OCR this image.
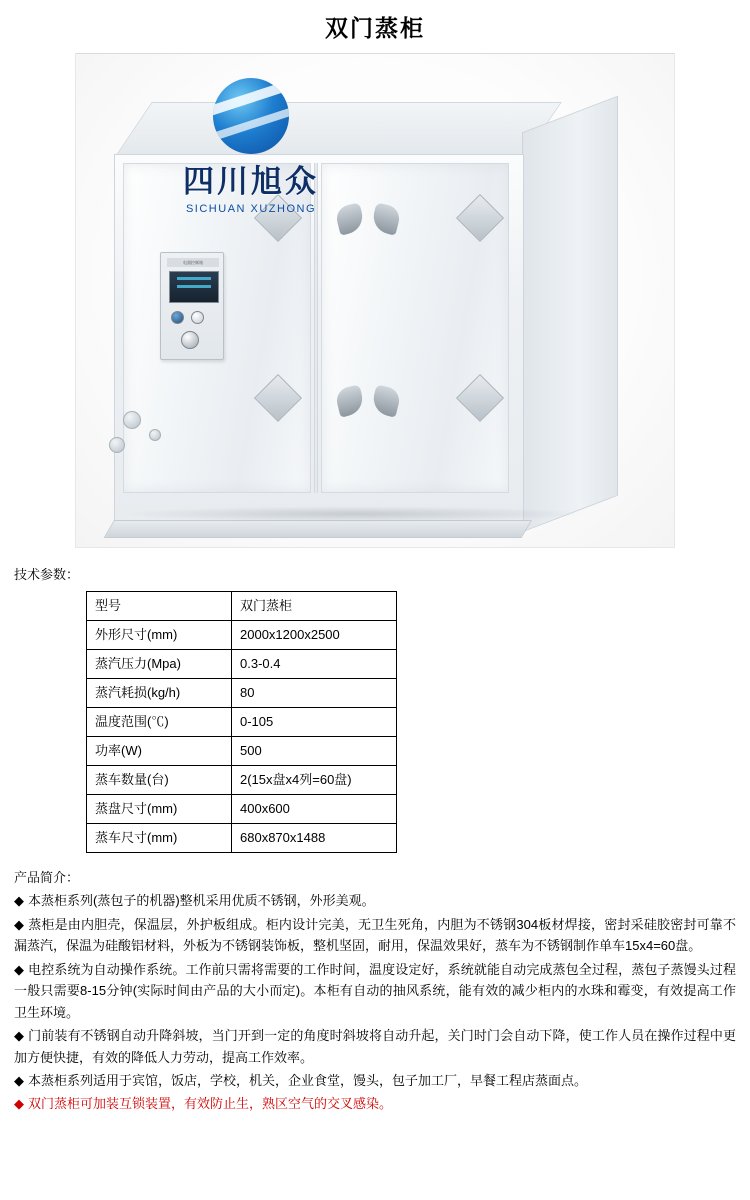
双门蒸柜
电器控制箱
四川旭众
SICHUAN XUZHONG
技术参数：
型号	双门蒸柜
外形尺寸(mm)	2000x1200x2500
蒸汽压力(Mpa)	0.3-0.4
蒸汽耗损(kg/h)	80
温度范围(℃)	0-105
功率(W)	500
蒸车数量(台)	2(15x盘x4列=60盘)
蒸盘尺寸(mm)	400x600
蒸车尺寸(mm)	680x870x1488

产品简介：

◆ 本蒸柜系列(蒸包子的机器)整机采用优质不锈钢，外形美观。

◆ 蒸柜是由内胆壳，保温层，外护板组成。柜内设计完美，无卫生死角，内胆为不锈钢304板材焊接，密封采硅胶密封可靠不漏蒸汽，保温为硅酸铝材料，外板为不锈钢装饰板，整机坚固，耐用，保温效果好，蒸车为不锈钢制作单车15x4=60盘。

◆ 电控系统为自动操作系统。工作前只需将需要的工作时间，温度设定好，系统就能自动完成蒸包全过程，蒸包子蒸馒头过程一般只需要8-15分钟(实际时间由产品的大小而定)。本柜有自动的抽风系统，能有效的减少柜内的水珠和霉变，有效提高工作卫生环境。

◆ 门前装有不锈钢自动升降斜坡，当门开到一定的角度时斜坡将自动升起，关门时门会自动下降，使工作人员在操作过程中更加方便快捷，有效的降低人力劳动，提高工作效率。

◆ 本蒸柜系列适用于宾馆，饭店，学校，机关，企业食堂，馒头，包子加工厂，早餐工程店蒸面点。

◆ 双门蒸柜可加装互锁装置，有效防止生，熟区空气的交叉感染。
